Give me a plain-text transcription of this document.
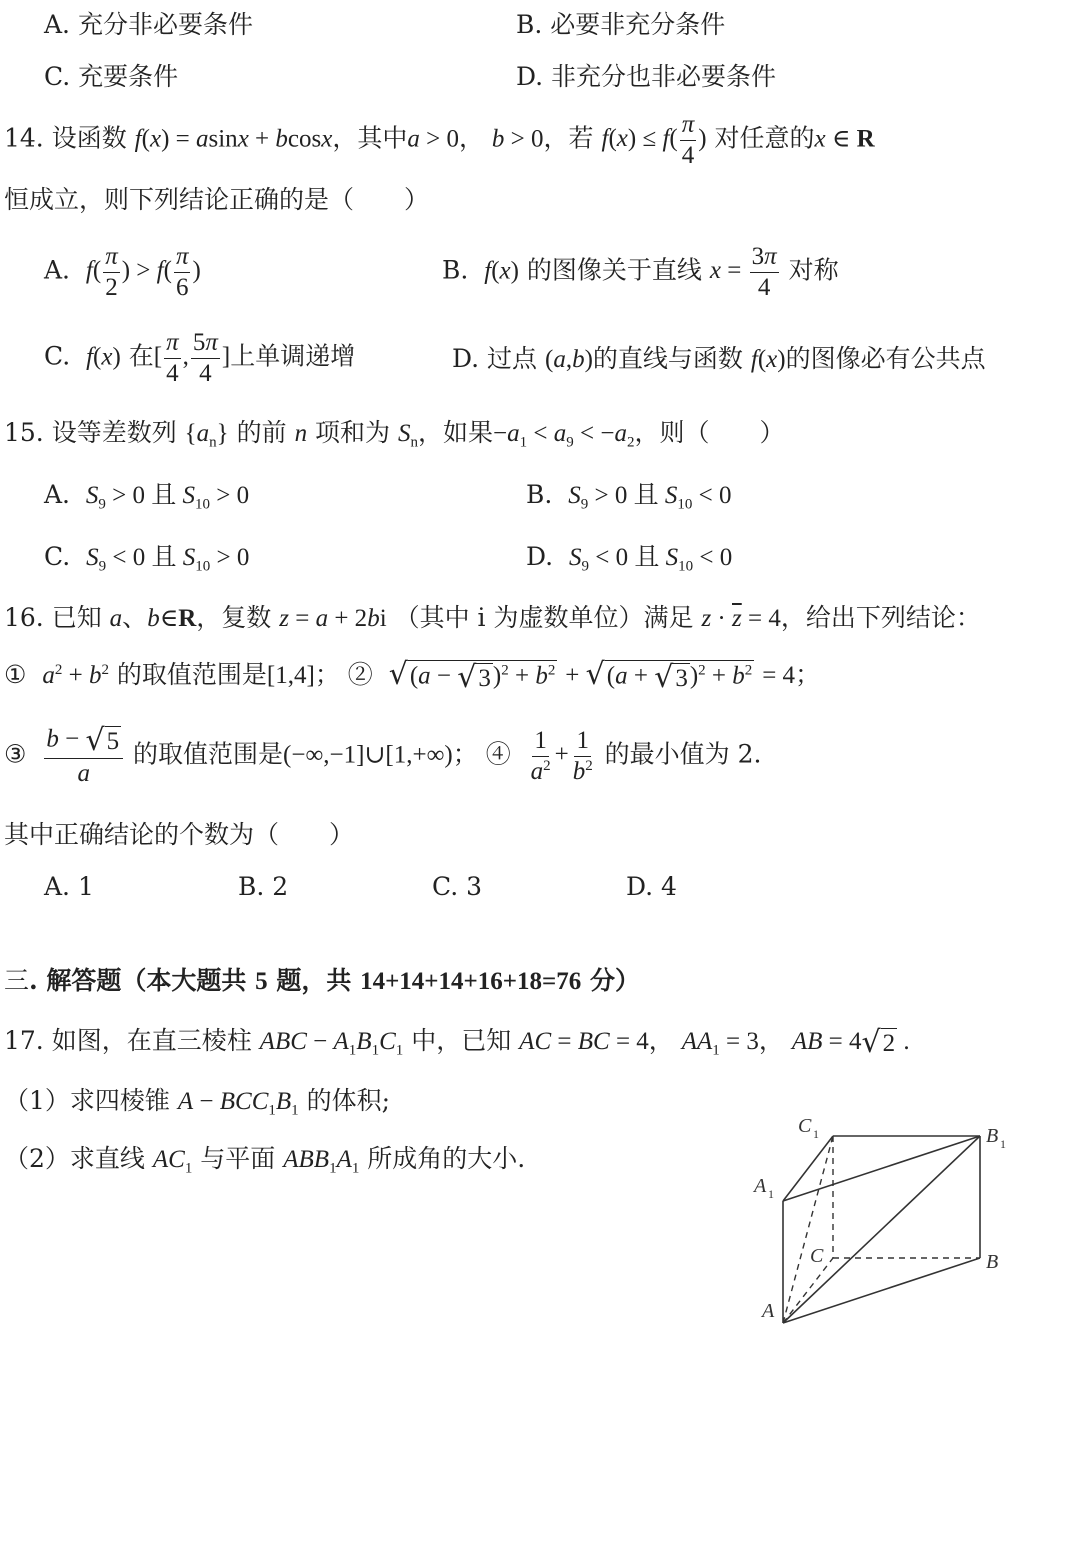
A. 充分非必要条件	B. 必要非充分条件
C. 充要条件	D. 非充分也非必要条件
14. 设函数 f(x) = asinx + bcosx，其中a > 0， b > 0，若 $f(x) \le f( \frac{\pi}{4}$ ) 对任意的x ∈ R
恒成立，则下列结论正确的是（　　）
A. $f( \frac{\pi}{2}$ ) > $f( \frac{\pi}{6}$ )	B. f(x) 的图像关于直线 $x = \frac{3\pi}{4}$ 对称
C. f(x) 在[ $\frac{\pi}{4}$ , $\frac{5\pi}{4}$ ]上单调递增	D. 过点 (a,b)的直线与函数 f(x)的图像必有公共点
15. 设等差数列 $\{a_n\}$ 的前 n 项和为 $S_n$，如果$-a_1 < a_9 < -a_2$，则（　　）
A. $S_9 > 0$ 且 $S_{10} > 0$	B. $S_9 > 0$ 且 $S_{10} < 0$
C. $S_9 < 0$ 且 $S_{10} > 0$	D. $S_9 < 0$ 且 $S_{10} < 0$
16. 已知 a、b∈R，复数 z = a + 2bi （其中 i 为虚数单位）满足 $z \cdot \overline{z} = 4$，给出下列结论：
① $a^2 + b^2$ 的取值范围是[1,4]； ② √ (a − √ 3 )$^2 + b^2$ + √ (a + √ 3 )$^2 + b^2 = 4$；
③ $\frac{b - √ 5}{a}$ 的取值范围是(−∞,−1]∪[1,+∞)； ④ $\frac{1}{a^2} + \frac{1}{b^2}$ 的最小值为 2.
其中正确结论的个数为（　　）
A. 1	B. 2	C. 3	D. 4
三. 解答题（本大题共 5 题，共 14+14+14+16+18=76 分）
17. 如图，在直三棱柱 ABC − $A_1B_1C_1$ 中，已知 AC = BC = 4， $AA_1 = 3$， AB = 4 √ 2 .
（1）求四棱锥 $A - BCC_1B_1$ 的体积;
（2）求直线 $AC_1$ 与平面 $ABB_1A_1$ 所成角的大小.
C 1	B 1
A 1
C	B
A
